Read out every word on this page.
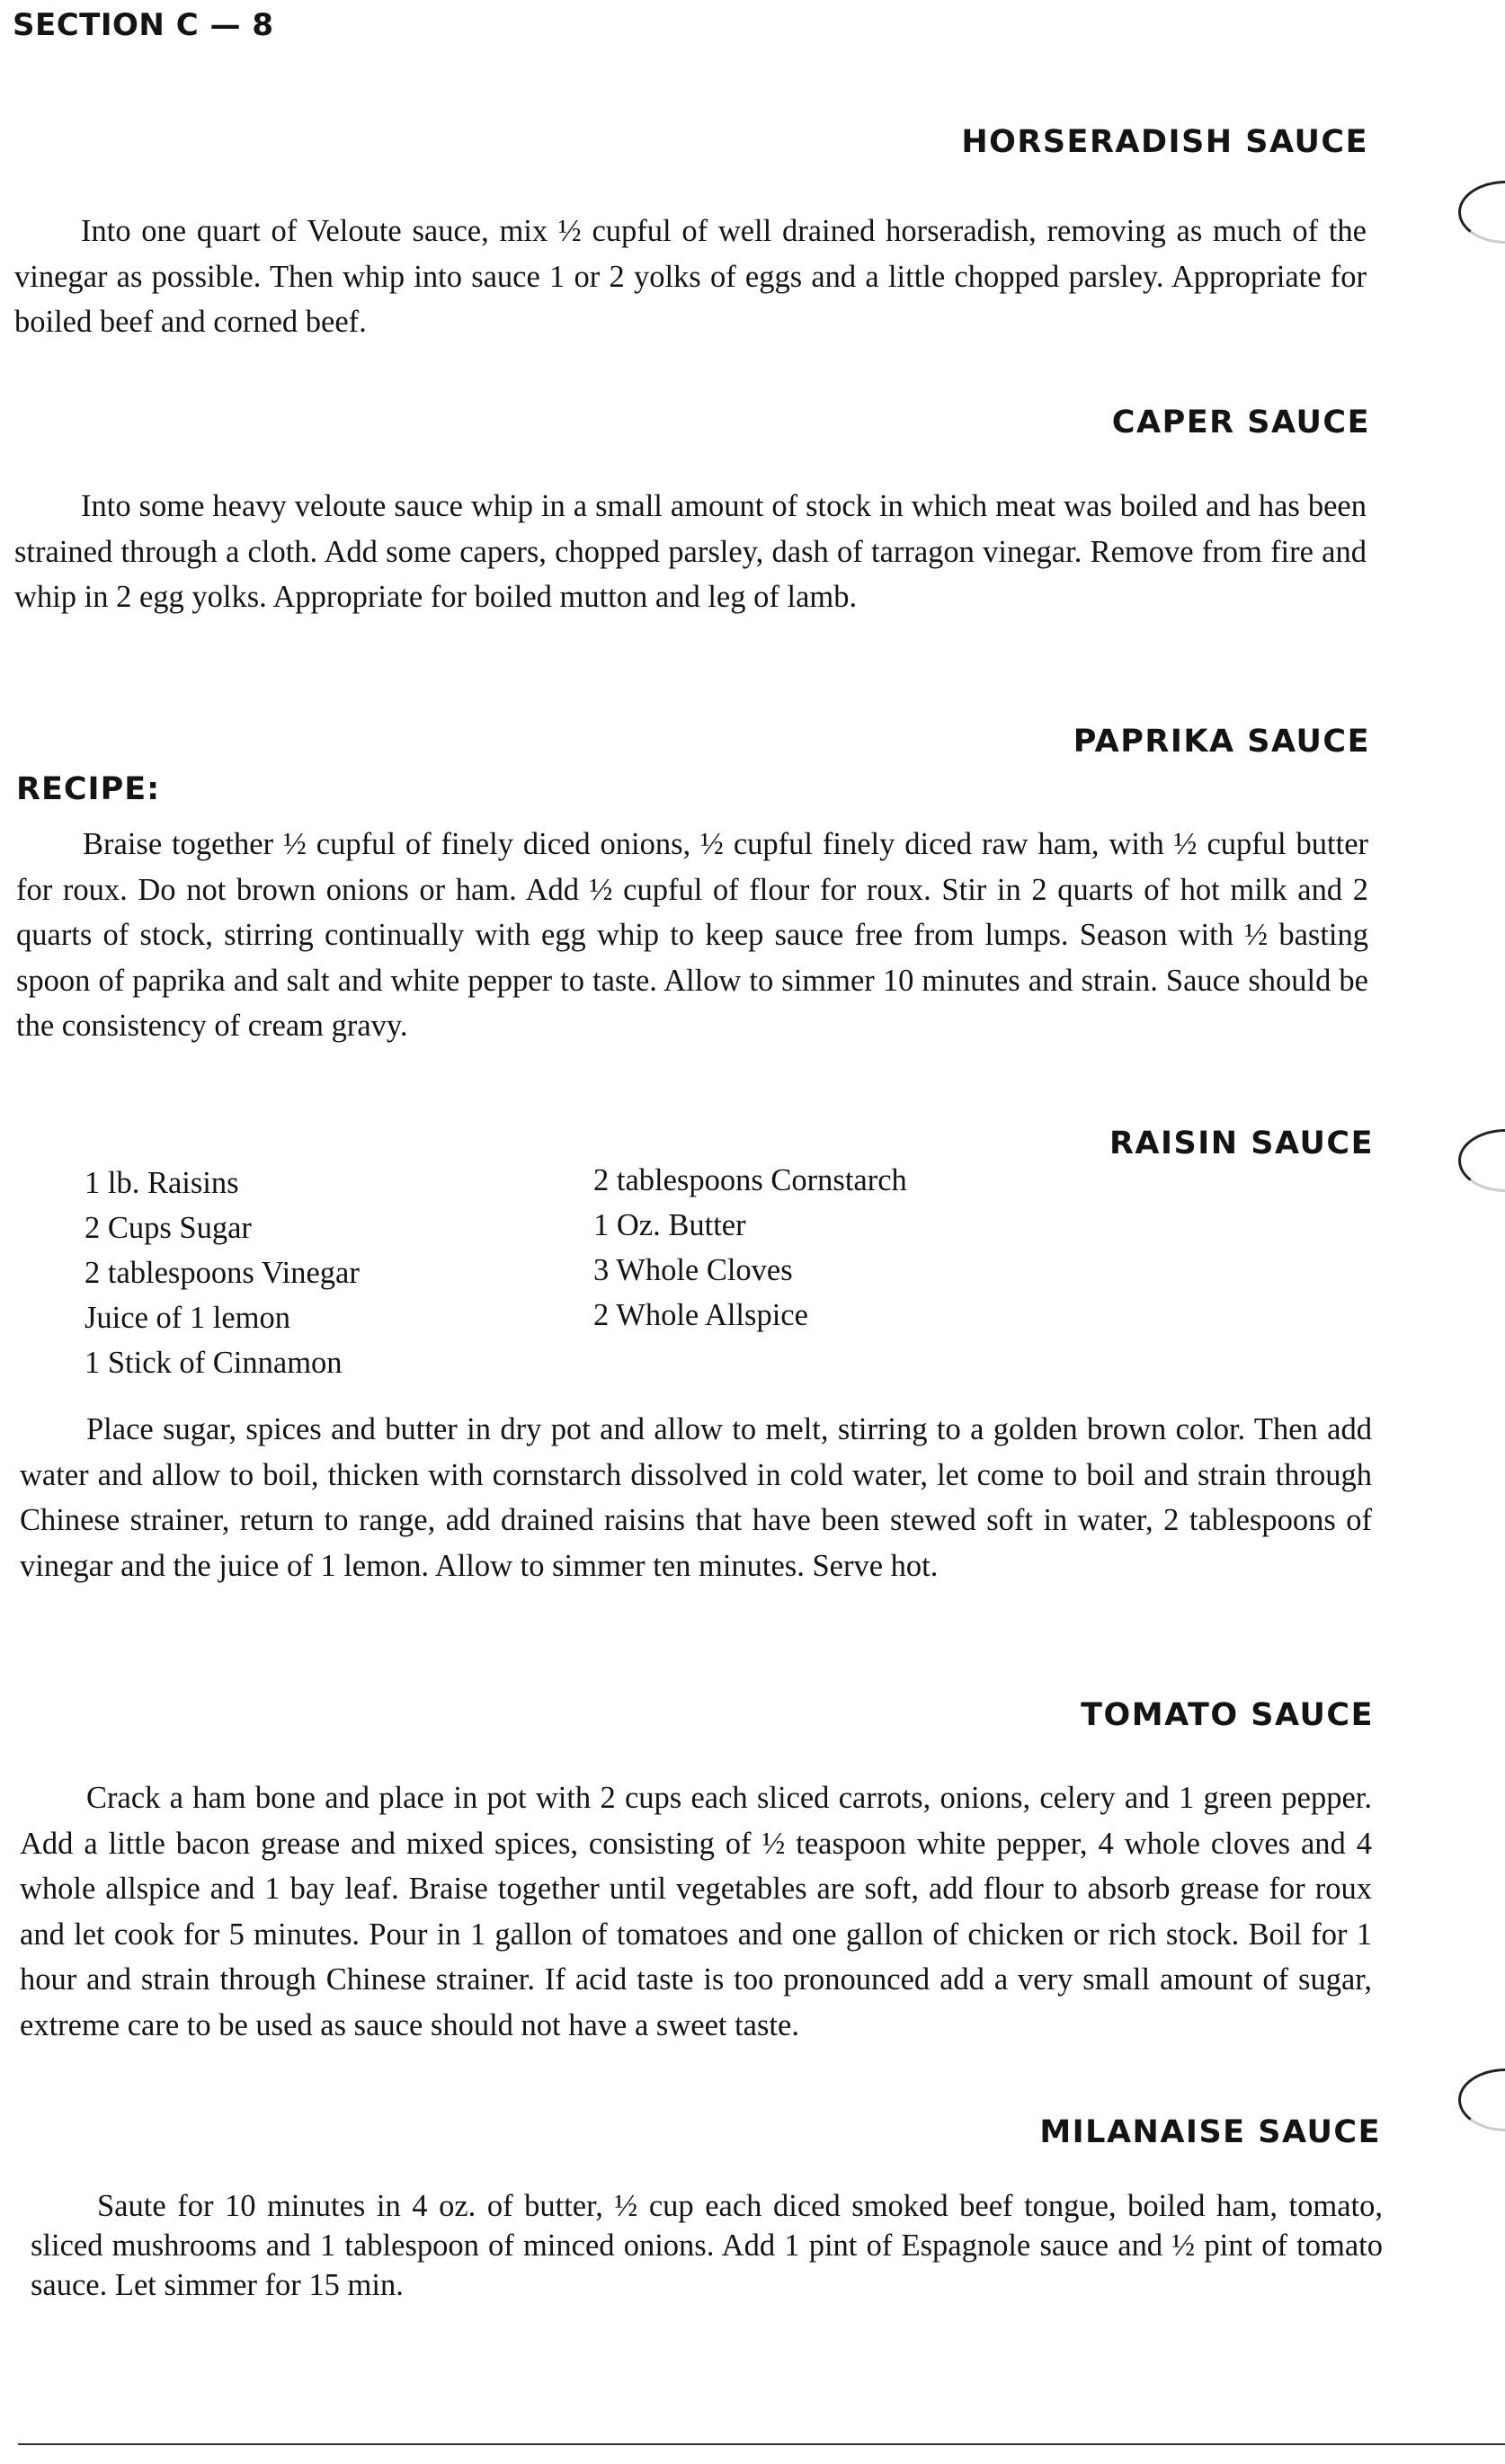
SECTION C — 8
HORSERADISH SAUCE

Into one quart of Veloute sauce, mix ½ cupful of well drained horseradish, removing as much of the vinegar as possible. Then whip into sauce 1 or 2 yolks of eggs and a little chopped parsley. Appropriate for boiled beef and corned beef.

CAPER SAUCE

Into some heavy veloute sauce whip in a small amount of stock in which meat was boiled and has been strained through a cloth. Add some capers, chopped parsley, dash of tarragon vinegar. Remove from fire and whip in 2 egg yolks. Appropriate for boiled mutton and leg of lamb.

PAPRIKA SAUCE
RECIPE:

Braise together ½ cupful of finely diced onions, ½ cupful finely diced raw ham, with ½ cupful butter for roux. Do not brown onions or ham. Add ½ cupful of flour for roux. Stir in 2 quarts of hot milk and 2 quarts of stock, stirring continually with egg whip to keep sauce free from lumps. Season with ½ basting spoon of paprika and salt and white pepper to taste. Allow to simmer 10 minutes and strain. Sauce should be the consistency of cream gravy.

RAISIN SAUCE
1 lb. Raisins
2 Cups Sugar
2 tablespoons Vinegar
Juice of 1 lemon
1 Stick of Cinnamon
2 tablespoons Cornstarch
1 Oz. Butter
3 Whole Cloves
2 Whole Allspice

Place sugar, spices and butter in dry pot and allow to melt, stirring to a golden brown color. Then add water and allow to boil, thicken with cornstarch dissolved in cold water, let come to boil and strain through Chinese strainer, return to range, add drained raisins that have been stewed soft in water, 2 tablespoons of vinegar and the juice of 1 lemon. Allow to simmer ten minutes. Serve hot.

TOMATO SAUCE

Crack a ham bone and place in pot with 2 cups each sliced carrots, onions, celery and 1 green pepper. Add a little bacon grease and mixed spices, consisting of ½ teaspoon white pepper, 4 whole cloves and 4 whole allspice and 1 bay leaf. Braise together until vegetables are soft, add flour to absorb grease for roux and let cook for 5 minutes. Pour in 1 gallon of tomatoes and one gallon of chicken or rich stock. Boil for 1 hour and strain through Chinese strainer. If acid taste is too pronounced add a very small amount of sugar, extreme care to be used as sauce should not have a sweet taste.

MILANAISE SAUCE

Saute for 10 minutes in 4 oz. of butter, ½ cup each diced smoked beef tongue, boiled ham, tomato, sliced mushrooms and 1 tablespoon of minced onions. Add 1 pint of Espagnole sauce and ½ pint of tomato sauce. Let simmer for 15 min.
